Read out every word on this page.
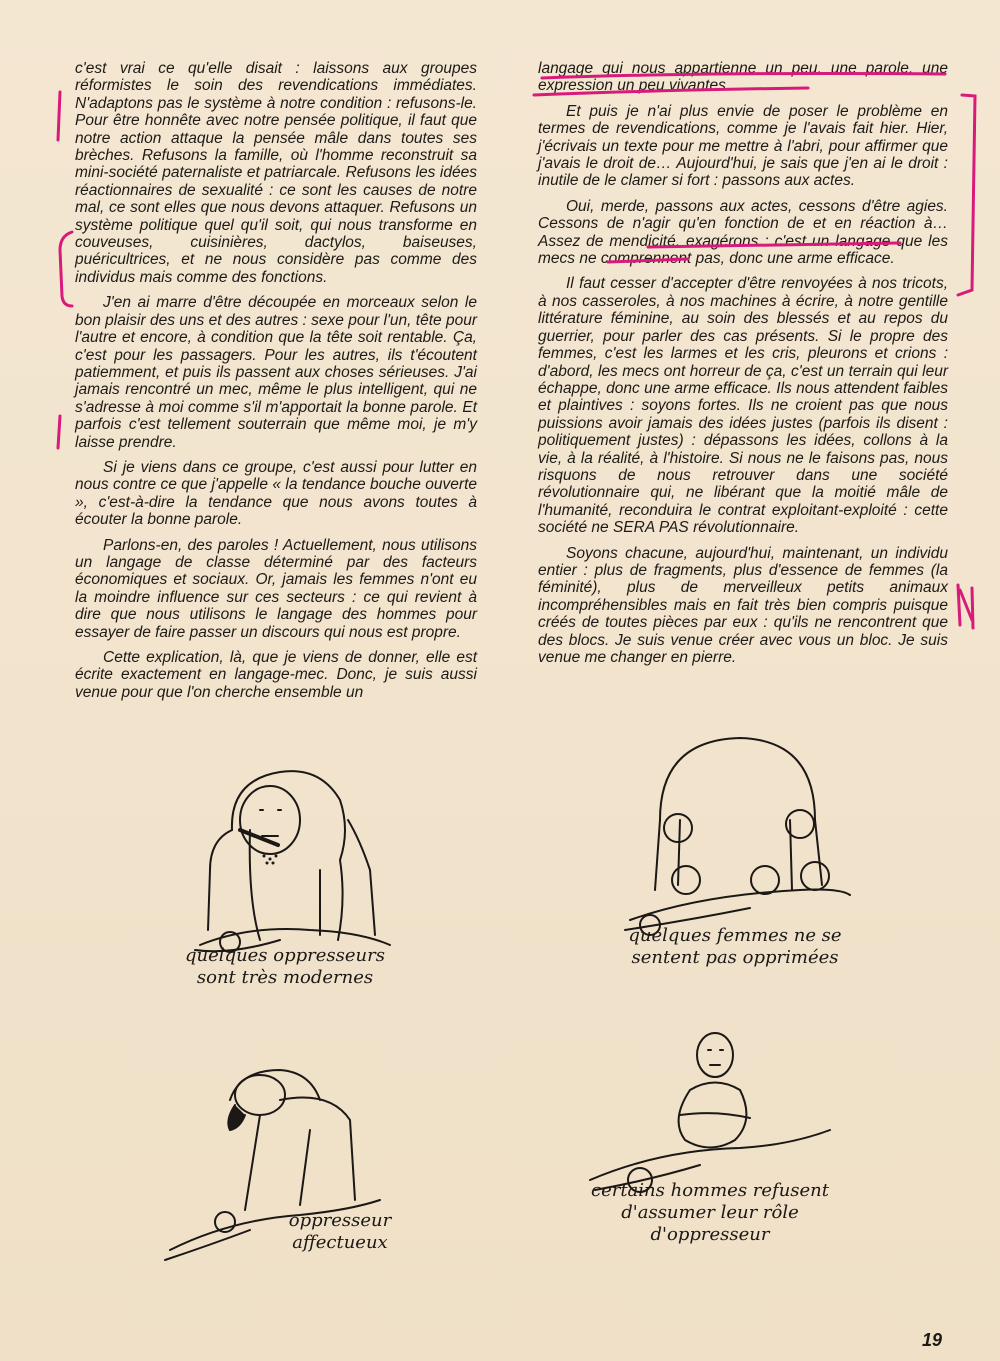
c'est vrai ce qu'elle disait : laissons aux groupes réformistes le soin des revendications immédiates. N'adaptons pas le système à notre condition : refusons-le. Pour être honnête avec notre pensée politique, il faut que notre action attaque la pensée mâle dans toutes ses brèches. Refusons la famille, où l'homme reconstruit sa mini-société paternaliste et patriarcale. Refusons les idées réactionnaires de sexualité : ce sont les causes de notre mal, ce sont elles que nous devons attaquer. Refusons un système politique quel qu'il soit, qui nous transforme en couveuses, cuisinières, dactylos, baiseuses, puéricultrices, et ne nous considère pas comme des individus mais comme des fonctions.

J'en ai marre d'être découpée en morceaux selon le bon plaisir des uns et des autres : sexe pour l'un, tête pour l'autre et encore, à condition que la tête soit rentable. Ça, c'est pour les passagers. Pour les autres, ils t'écoutent patiemment, et puis ils passent aux choses sérieuses. J'ai jamais rencontré un mec, même le plus intelligent, qui ne s'adresse à moi comme s'il m'apportait la bonne parole. Et parfois c'est tellement souterrain que même moi, je m'y laisse prendre.

Si je viens dans ce groupe, c'est aussi pour lutter en nous contre ce que j'appelle « la tendance bouche ouverte », c'est-à-dire la tendance que nous avons toutes à écouter la bonne parole.

Parlons-en, des paroles ! Actuellement, nous utilisons un langage de classe déterminé par des facteurs économiques et sociaux. Or, jamais les femmes n'ont eu la moindre influence sur ces secteurs : ce qui revient à dire que nous utilisons le langage des hommes pour essayer de faire passer un discours qui nous est propre.

Cette explication, là, que je viens de donner, elle est écrite exactement en langage-mec. Donc, je suis aussi venue pour que l'on cherche ensemble un

langage qui nous appartienne un peu, une parole, une expression un peu vivantes.

Et puis je n'ai plus envie de poser le problème en termes de revendications, comme je l'avais fait hier. Hier, j'écrivais un texte pour me mettre à l'abri, pour affirmer que j'avais le droit de… Aujourd'hui, je sais que j'en ai le droit : inutile de le clamer si fort : passons aux actes.

Oui, merde, passons aux actes, cessons d'être agies. Cessons de n'agir qu'en fonction de et en réaction à… Assez de mendicité, exagérons : c'est un langage que les mecs ne comprennent pas, donc une arme efficace.

Il faut cesser d'accepter d'être renvoyées à nos tricots, à nos casseroles, à nos machines à écrire, à notre gentille littérature féminine, au soin des blessés et au repos du guerrier, pour parler des cas présents. Si le propre des femmes, c'est les larmes et les cris, pleurons et crions : d'abord, les mecs ont horreur de ça, c'est un terrain qui leur échappe, donc une arme efficace. Ils nous attendent faibles et plaintives : soyons fortes. Ils ne croient pas que nous puissions avoir jamais des idées justes (parfois ils disent : politiquement justes) : dépassons les idées, collons à la vie, à la réalité, à l'histoire. Si nous ne le faisons pas, nous risquons de nous retrouver dans une société révolutionnaire qui, ne libérant que la moitié mâle de l'humanité, reconduira le contrat exploitant-exploité : cette société ne SERA PAS révolutionnaire.

Soyons chacune, aujourd'hui, maintenant, un individu entier : plus de fragments, plus d'essence de femmes (la féminité), plus de merveilleux petits animaux incompréhensibles mais en fait très bien compris puisque créés de toutes pièces par eux : qu'ils ne rencontrent que des blocs. Je suis venue créer avec vous un bloc. Je suis venue me changer en pierre.

quelques oppresseurs sont très modernes
quelques femmes ne se sentent pas opprimées
oppresseur affectueux
certains hommes refusent d'assumer leur rôle d'oppresseur
19
